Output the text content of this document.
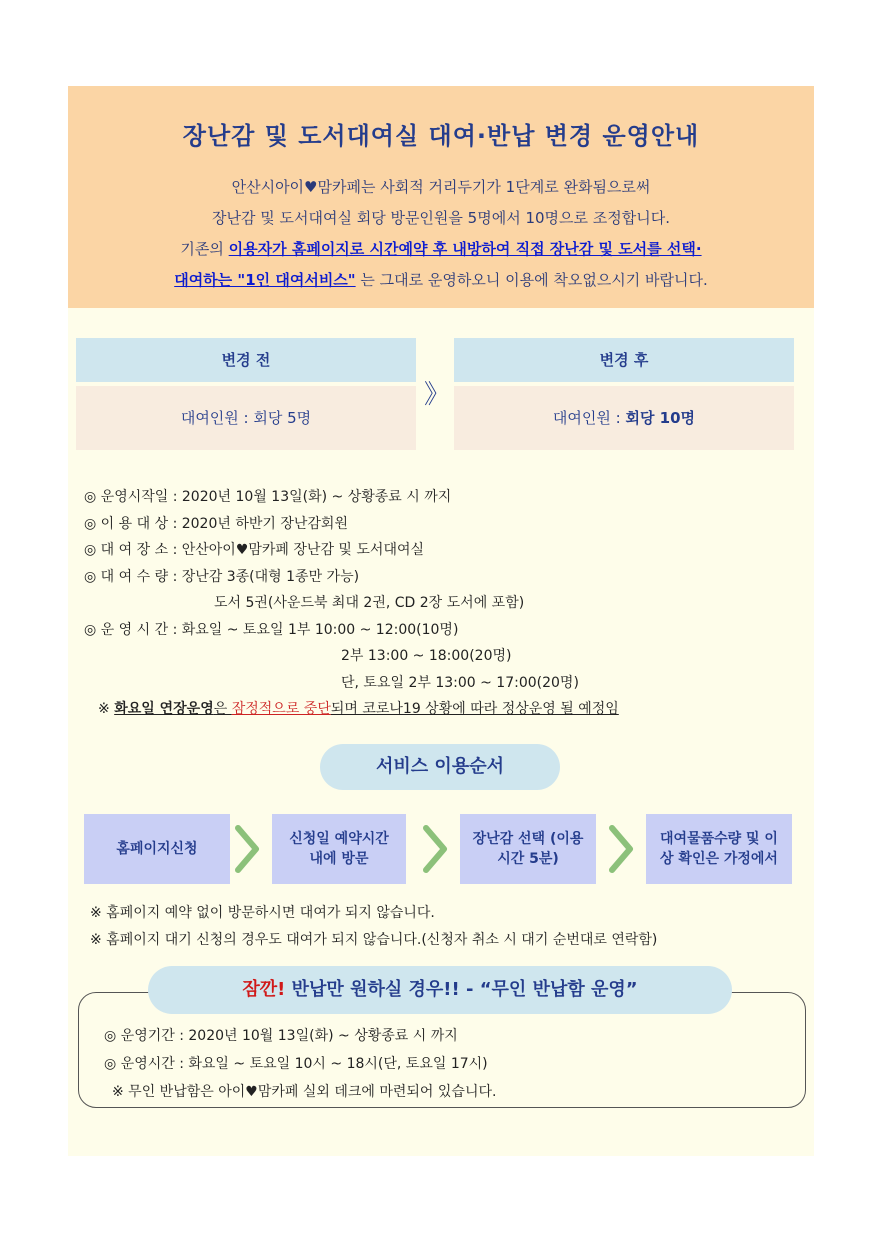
장난감 및 도서대여실 대여·반납 변경 운영안내
안산시아이♥맘카페는 사회적 거리두기가 1단계로 완화됨으로써
장난감 및 도서대여실 회당 방문인원을 5명에서 10명으로 조정합니다.
기존의 이용자가 홈페이지로 시간예약 후 내방하여 직접 장난감 및 도서를 선택·
대여하는 "1인 대여서비스" 는 그대로 운영하오니 이용에 착오없으시기 바랍니다.
변경 전
대여인원 : 회당 5명
》
변경 후
대여인원 : 회당 10명
◎ 운영시작일 : 2020년 10월 13일(화) ~ 상황종료 시 까지
◎ 이 용 대 상 : 2020년 하반기 장난감회원
◎ 대 여 장 소 : 안산아이♥맘카페 장난감 및 도서대여실
◎ 대 여 수 량 : 장난감 3종(대형 1종만 가능)
도서 5권(사운드북 최대 2권, CD 2장 도서에 포함)
◎ 운 영 시 간 : 화요일 ~ 토요일 1부 10:00 ~ 12:00(10명)
2부 13:00 ~ 18:00(20명)
단, 토요일 2부 13:00 ~ 17:00(20명)
※ 화요일 연장운영은 잠정적으로 중단되며 코로나19 상황에 따라 정상운영 될 예정임
서비스 이용순서
홈페이지신청
신청일 예약시간 내에 방문
장난감 선택 (이용시간 5분)
대여물품수량 및 이상 확인은 가정에서
※ 홈페이지 예약 없이 방문하시면 대여가 되지 않습니다.
※ 홈페이지 대기 신청의 경우도 대여가 되지 않습니다.(신청자 취소 시 대기 순번대로 연락함)
잠깐! 반납만 원하실 경우!! - “무인 반납함 운영”
◎ 운영기간 : 2020년 10월 13일(화) ~ 상황종료 시 까지
◎ 운영시간 : 화요일 ~ 토요일 10시 ~ 18시(단, 토요일 17시)
※ 무인 반납함은 아이♥맘카페 실외 데크에 마련되어 있습니다.
